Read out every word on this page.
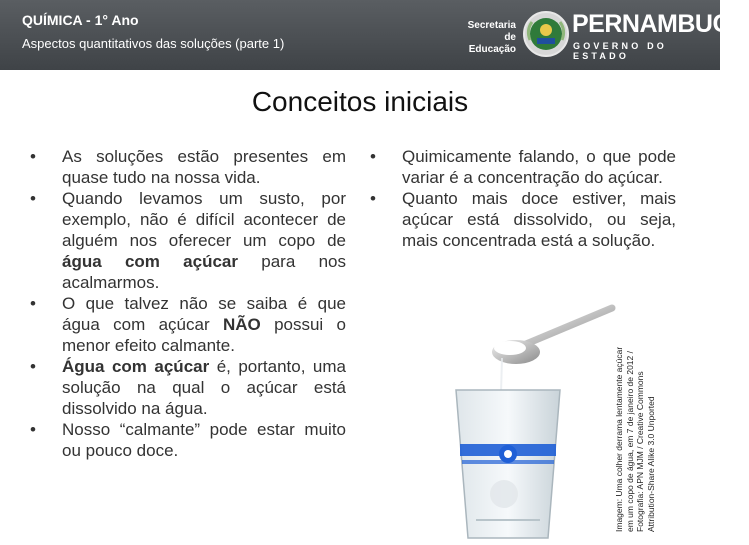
QUÍMICA - 1° Ano
Aspectos quantitativos das soluções (parte 1)
Secretaria de
Educação
PERNAMBUCO
GOVERNO DO ESTADO
Conceitos iniciais
• As soluções estão presentes em quase tudo na nossa vida.
• Quando levamos um susto, por exemplo, não é difícil acontecer de alguém nos oferecer um copo de água com açúcar para nos acalmarmos.
• O que talvez não se saiba é que água com açúcar NÃO possui o menor efeito calmante.
• Água com açúcar é, portanto, uma solução na qual o açúcar está dissolvido na água.
• Nosso “calmante” pode estar muito ou pouco doce.
• Quimicamente falando, o que pode variar é a concentração do açúcar.
• Quanto mais doce estiver, mais açúcar está dissolvido, ou seja, mais concentrada está a solução.
Imagem: Uma colher derrama lentamente açúcar em um copo de água, em 7 de janeiro de 2012 / Fotografia: APN MJM / Creative Commons Attribution-Share Alike 3.0 Unported
